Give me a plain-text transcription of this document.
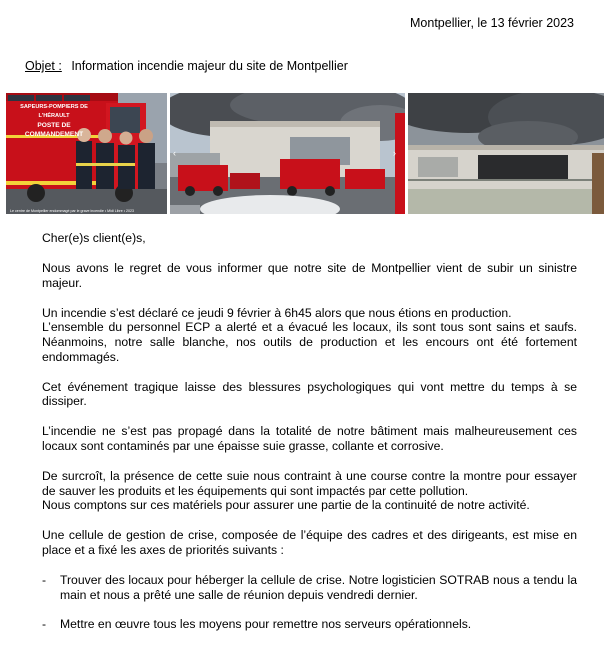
Montpellier, le 13 février 2023
Objet : Information incendie majeur du site de Montpellier
SAPEURS-POMPIERS DE L'HÉRAULT
POSTE DE
COMMANDEMENT
Le centre de Montpellier endommagé par le grave incendie • Midi Libre • 2023
‹	›

Cher(e)s client(e)s,

Nous avons le regret de vous informer que notre site de Montpellier vient de subir un sinistre majeur.

Un incendie s’est déclaré ce jeudi 9 février à 6h45 alors que nous étions en production.

L’ensemble du personnel ECP a alerté et a évacué les locaux, ils sont tous sont sains et saufs. Néanmoins, notre salle blanche, nos outils de production et les encours ont été fortement endommagés.

Cet événement tragique laisse des blessures psychologiques qui vont mettre du temps à se dissiper.

L’incendie ne s’est pas propagé dans la totalité de notre bâtiment mais malheureusement ces locaux sont contaminés par une épaisse suie grasse, collante et corrosive.

De surcroît, la présence de cette suie nous contraint à une course contre la montre pour essayer de sauver les produits et les équipements qui sont impactés par cette pollution.

Nous comptons sur ces matériels pour assurer une partie de la continuité de notre activité.

Une cellule de gestion de crise, composée de l’équipe des cadres et des dirigeants, est mise en place et a fixé les axes de priorités suivants :

-	Trouver des locaux pour héberger la cellule de crise. Notre logisticien SOTRAB nous a tendu la main et nous a prêté une salle de réunion depuis vendredi dernier.
-	Mettre en œuvre tous les moyens pour remettre nos serveurs opérationnels.
